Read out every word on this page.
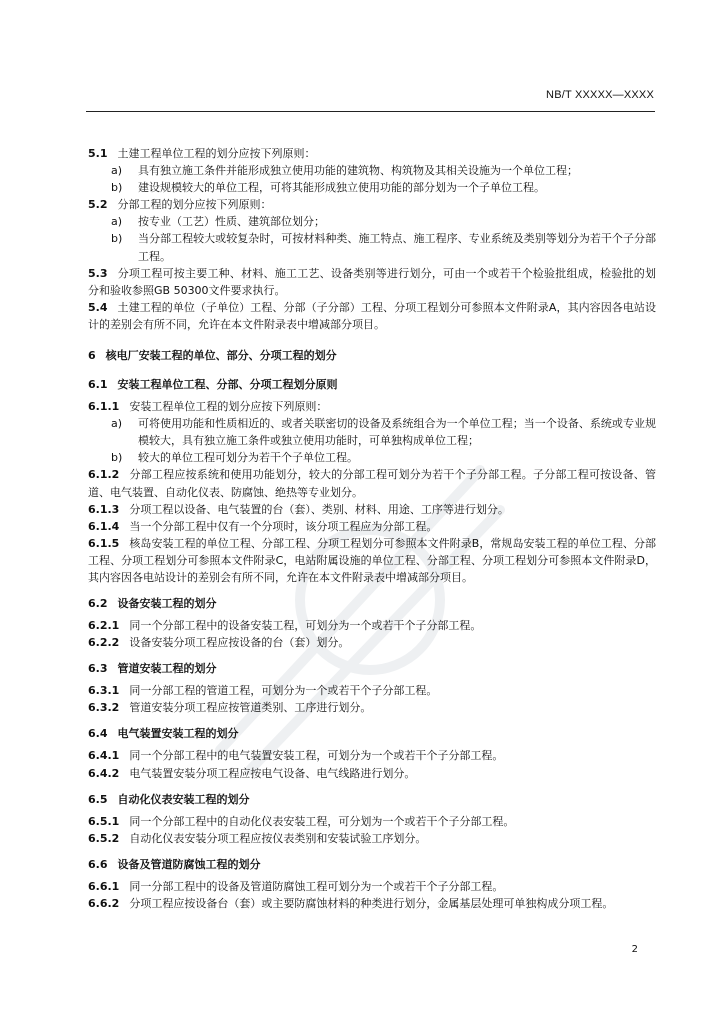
NB/T XXXXX—XXXX
5.1 土建工程单位工程的划分应按下列原则：
a) 具有独立施工条件并能形成独立使用功能的建筑物、构筑物及其相关设施为一个单位工程；
b) 建设规模较大的单位工程，可将其能形成独立使用功能的部分划为一个子单位工程。
5.2 分部工程的划分应按下列原则：
a) 按专业（工艺）性质、建筑部位划分；
b) 当分部工程较大或较复杂时，可按材料种类、施工特点、施工程序、专业系统及类别等划分为若干个子分部工程。
5.3 分项工程可按主要工种、材料、施工工艺、设备类别等进行划分，可由一个或若干个检验批组成，检验批的划分和验收参照GB 50300文件要求执行。
5.4 土建工程的单位（子单位）工程、分部（子分部）工程、分项工程划分可参照本文件附录A，其内容因各电站设计的差别会有所不同，允许在本文件附录表中增减部分项目。
6 核电厂安装工程的单位、部分、分项工程的划分
6.1 安装工程单位工程、分部、分项工程划分原则
6.1.1 安装工程单位工程的划分应按下列原则：
a) 可将使用功能和性质相近的、或者关联密切的设备及系统组合为一个单位工程；当一个设备、系统或专业规模较大，具有独立施工条件或独立使用功能时，可单独构成单位工程；
b) 较大的单位工程可划分为若干个子单位工程。
6.1.2 分部工程应按系统和使用功能划分，较大的分部工程可划分为若干个子分部工程。子分部工程可按设备、管道、电气装置、自动化仪表、防腐蚀、绝热等专业划分。
6.1.3 分项工程以设备、电气装置的台（套）、类别、材料、用途、工序等进行划分。
6.1.4 当一个分部工程中仅有一个分项时，该分项工程应为分部工程。
6.1.5 核岛安装工程的单位工程、分部工程、分项工程划分可参照本文件附录B，常规岛安装工程的单位工程、分部工程、分项工程划分可参照本文件附录C，电站附属设施的单位工程、分部工程、分项工程划分可参照本文件附录D，其内容因各电站设计的差别会有所不同，允许在本文件附录表中增减部分项目。
6.2 设备安装工程的划分
6.2.1 同一个分部工程中的设备安装工程，可划分为一个或若干个子分部工程。
6.2.2 设备安装分项工程应按设备的台（套）划分。
6.3 管道安装工程的划分
6.3.1 同一分部工程的管道工程，可划分为一个或若干个子分部工程。
6.3.2 管道安装分项工程应按管道类别、工序进行划分。
6.4 电气装置安装工程的划分
6.4.1 同一个分部工程中的电气装置安装工程，可划分为一个或若干个子分部工程。
6.4.2 电气装置安装分项工程应按电气设备、电气线路进行划分。
6.5 自动化仪表安装工程的划分
6.5.1 同一个分部工程中的自动化仪表安装工程，可分划为一个或若干个子分部工程。
6.5.2 自动化仪表安装分项工程应按仪表类别和安装试验工序划分。
6.6 设备及管道防腐蚀工程的划分
6.6.1 同一分部工程中的设备及管道防腐蚀工程可划分为一个或若干个子分部工程。
6.6.2 分项工程应按设备台（套）或主要防腐蚀材料的种类进行划分，金属基层处理可单独构成分项工程。
2
